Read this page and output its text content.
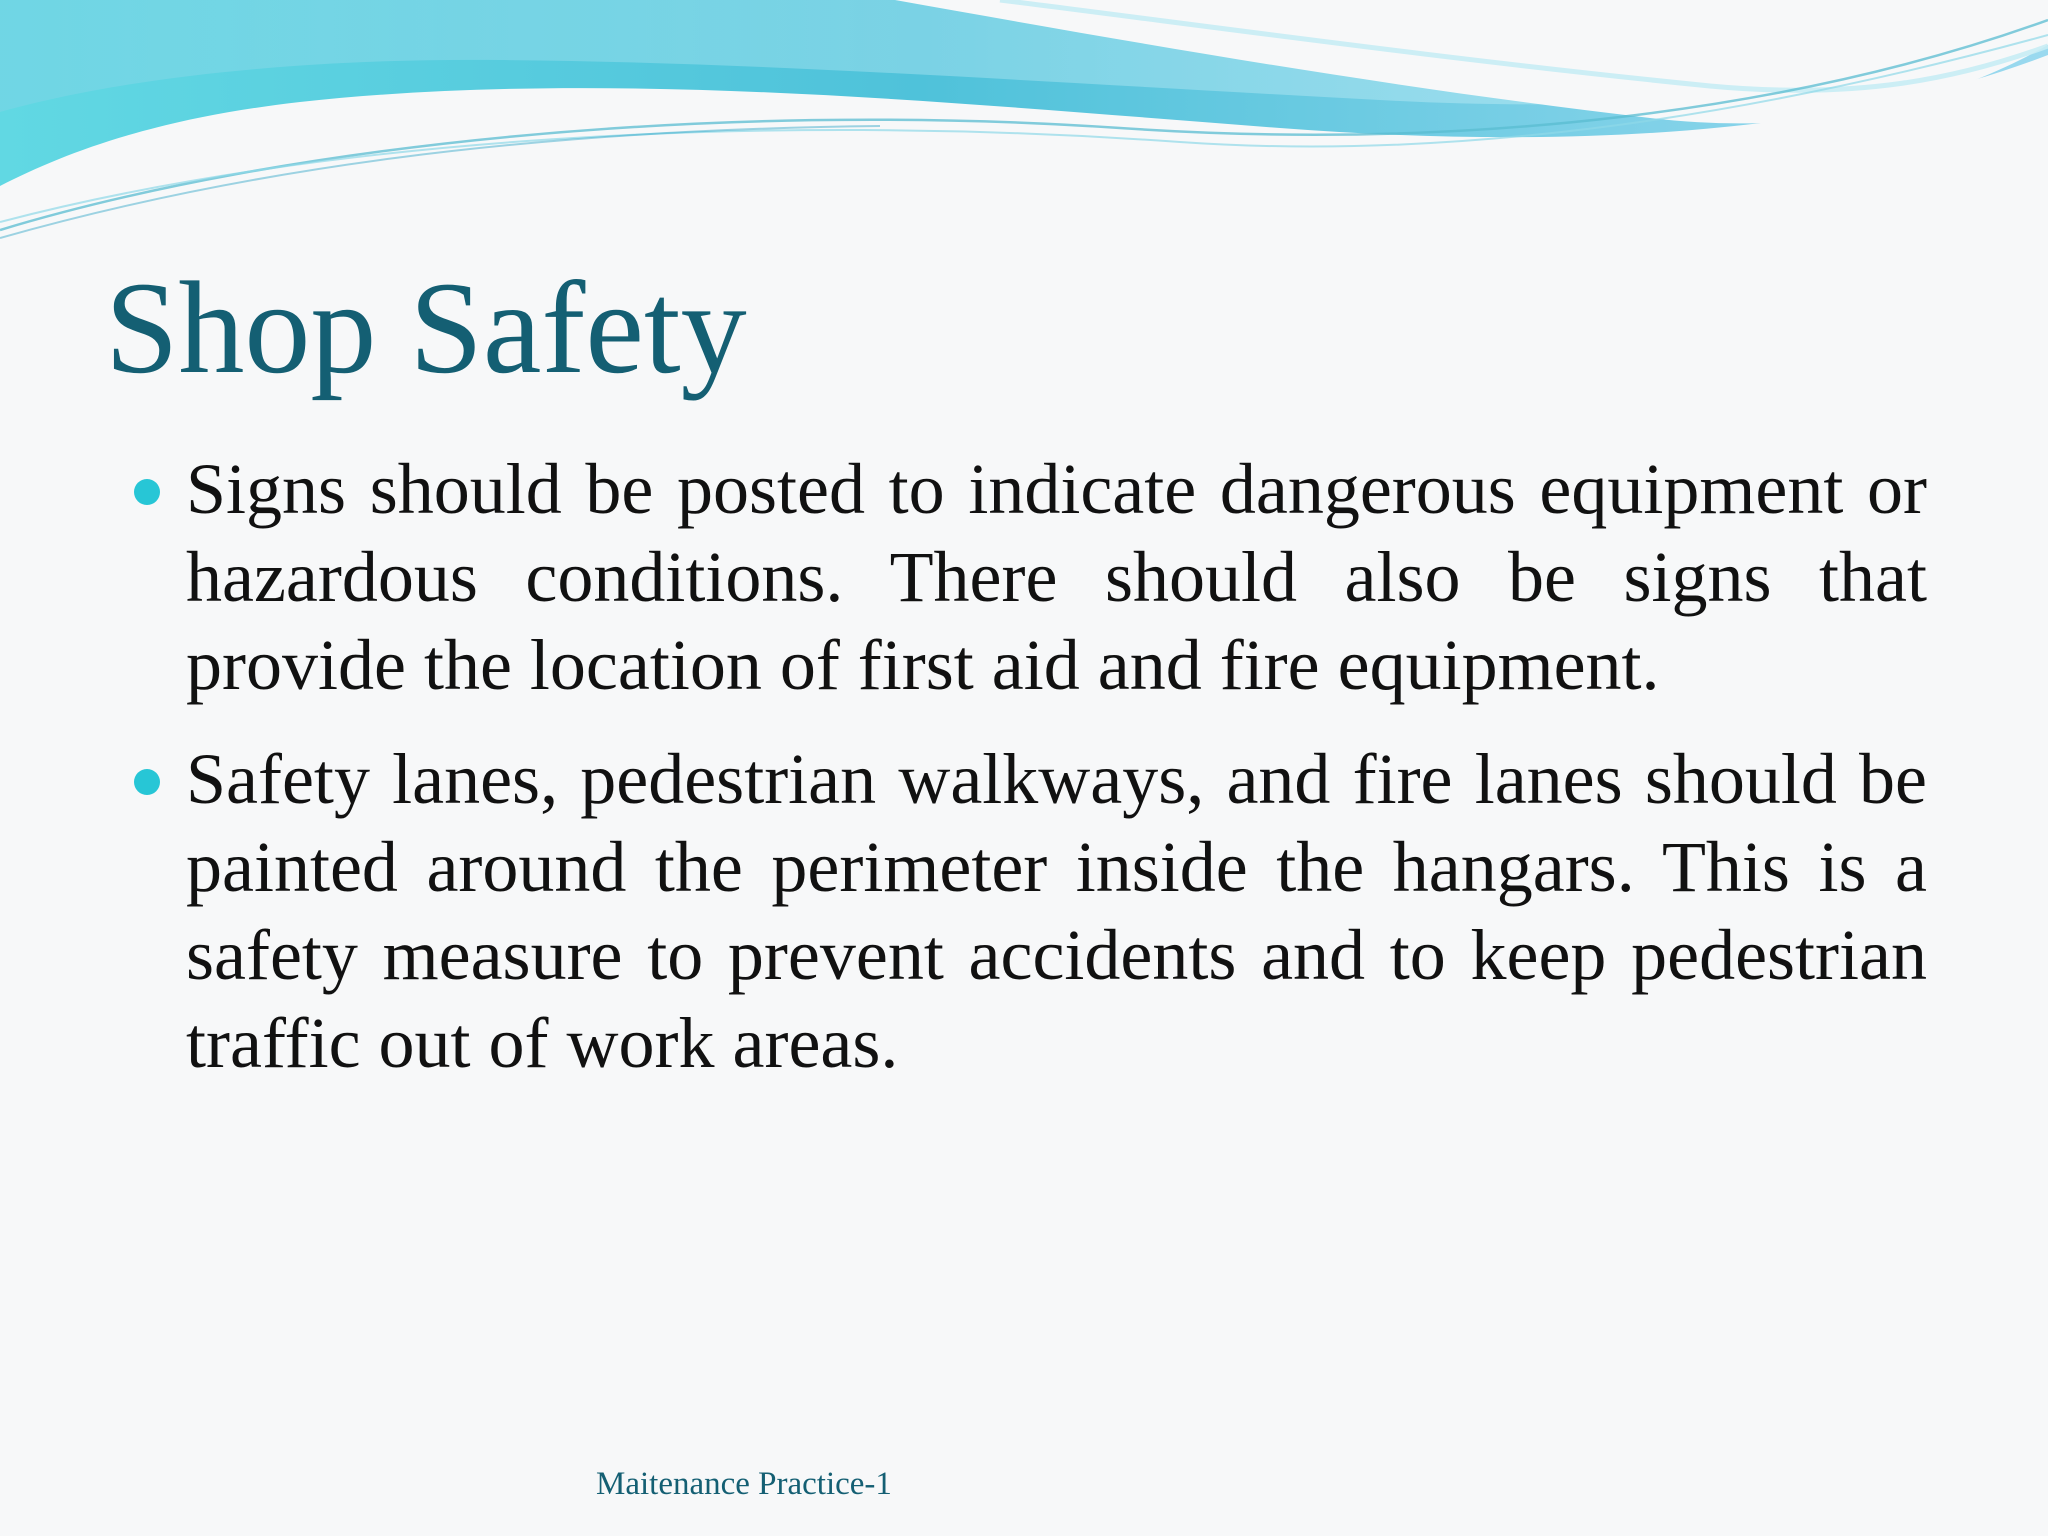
Shop Safety
Signs should be posted to indicate dangerous equipment or hazardous conditions. There should also be signs that provide the location of first aid and fire equipment.
Safety lanes, pedestrian walkways, and fire lanes should be painted around the perimeter inside the hangars. This is a safety measure to prevent accidents and to keep pedestrian traffic out of work areas.
Maitenance Practice-1
